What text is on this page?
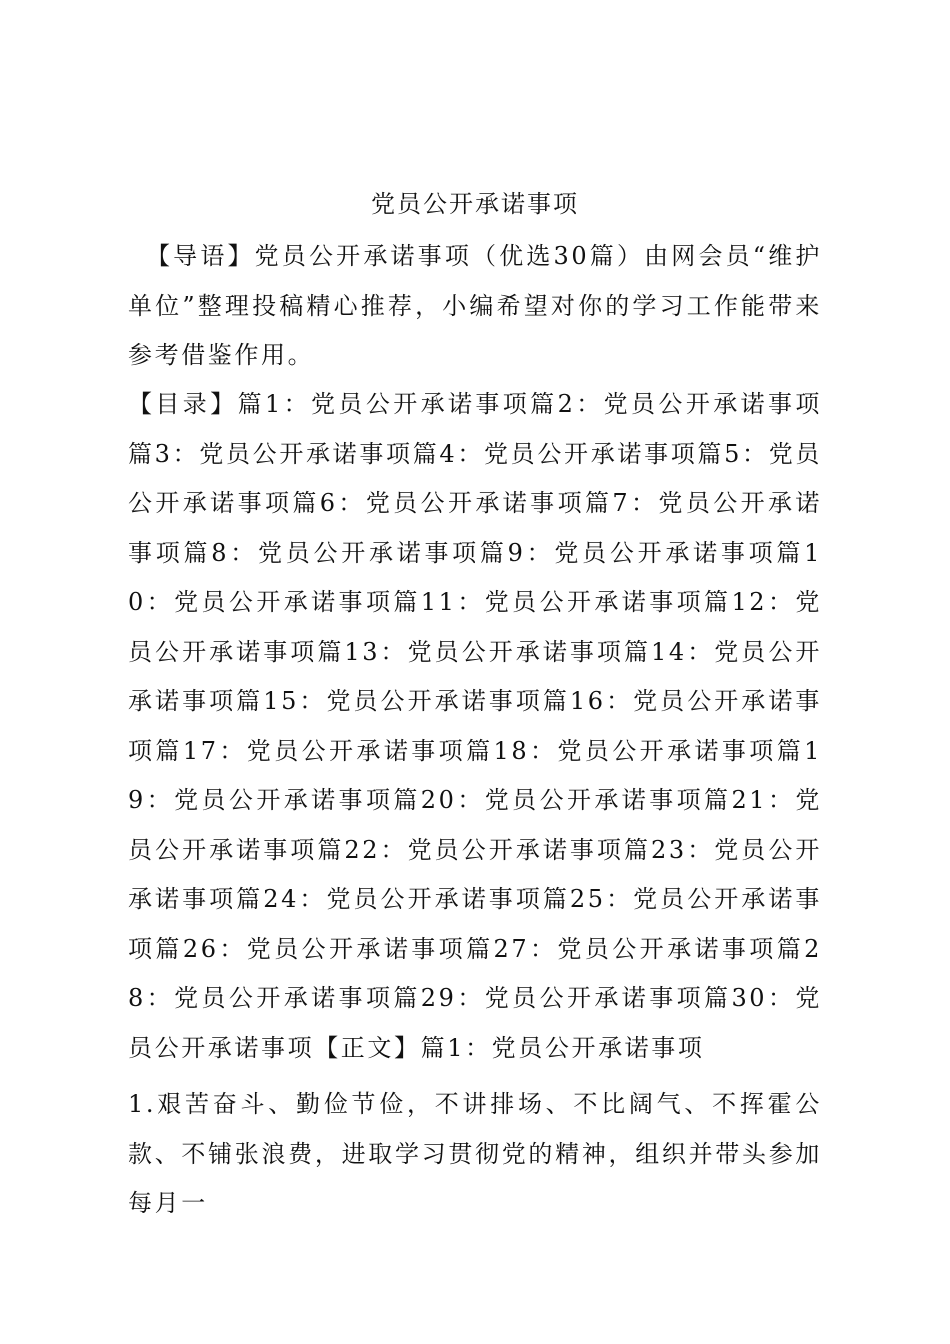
党员公开承诺事项

【导语】党员公开承诺事项（优选30篇）由网会员“维护单位”整理投稿精心推荐，小编希望对你的学习工作能带来参考借鉴作用。

【目录】篇1：党员公开承诺事项篇2：党员公开承诺事项篇3：党员公开承诺事项篇4：党员公开承诺事项篇5：党员公开承诺事项篇6：党员公开承诺事项篇7：党员公开承诺事项篇8：党员公开承诺事项篇9：党员公开承诺事项篇10：党员公开承诺事项篇11：党员公开承诺事项篇12：党员公开承诺事项篇13：党员公开承诺事项篇14：党员公开承诺事项篇15：党员公开承诺事项篇16：党员公开承诺事项篇17：党员公开承诺事项篇18：党员公开承诺事项篇19：党员公开承诺事项篇20：党员公开承诺事项篇21：党员公开承诺事项篇22：党员公开承诺事项篇23：党员公开承诺事项篇24：党员公开承诺事项篇25：党员公开承诺事项篇26：党员公开承诺事项篇27：党员公开承诺事项篇28：党员公开承诺事项篇29：党员公开承诺事项篇30：党员公开承诺事项【正文】篇1：党员公开承诺事项

1.艰苦奋斗、勤俭节俭，不讲排场、不比阔气、不挥霍公款、不铺张浪费，进取学习贯彻党的精神，组织并带头参加每月一
